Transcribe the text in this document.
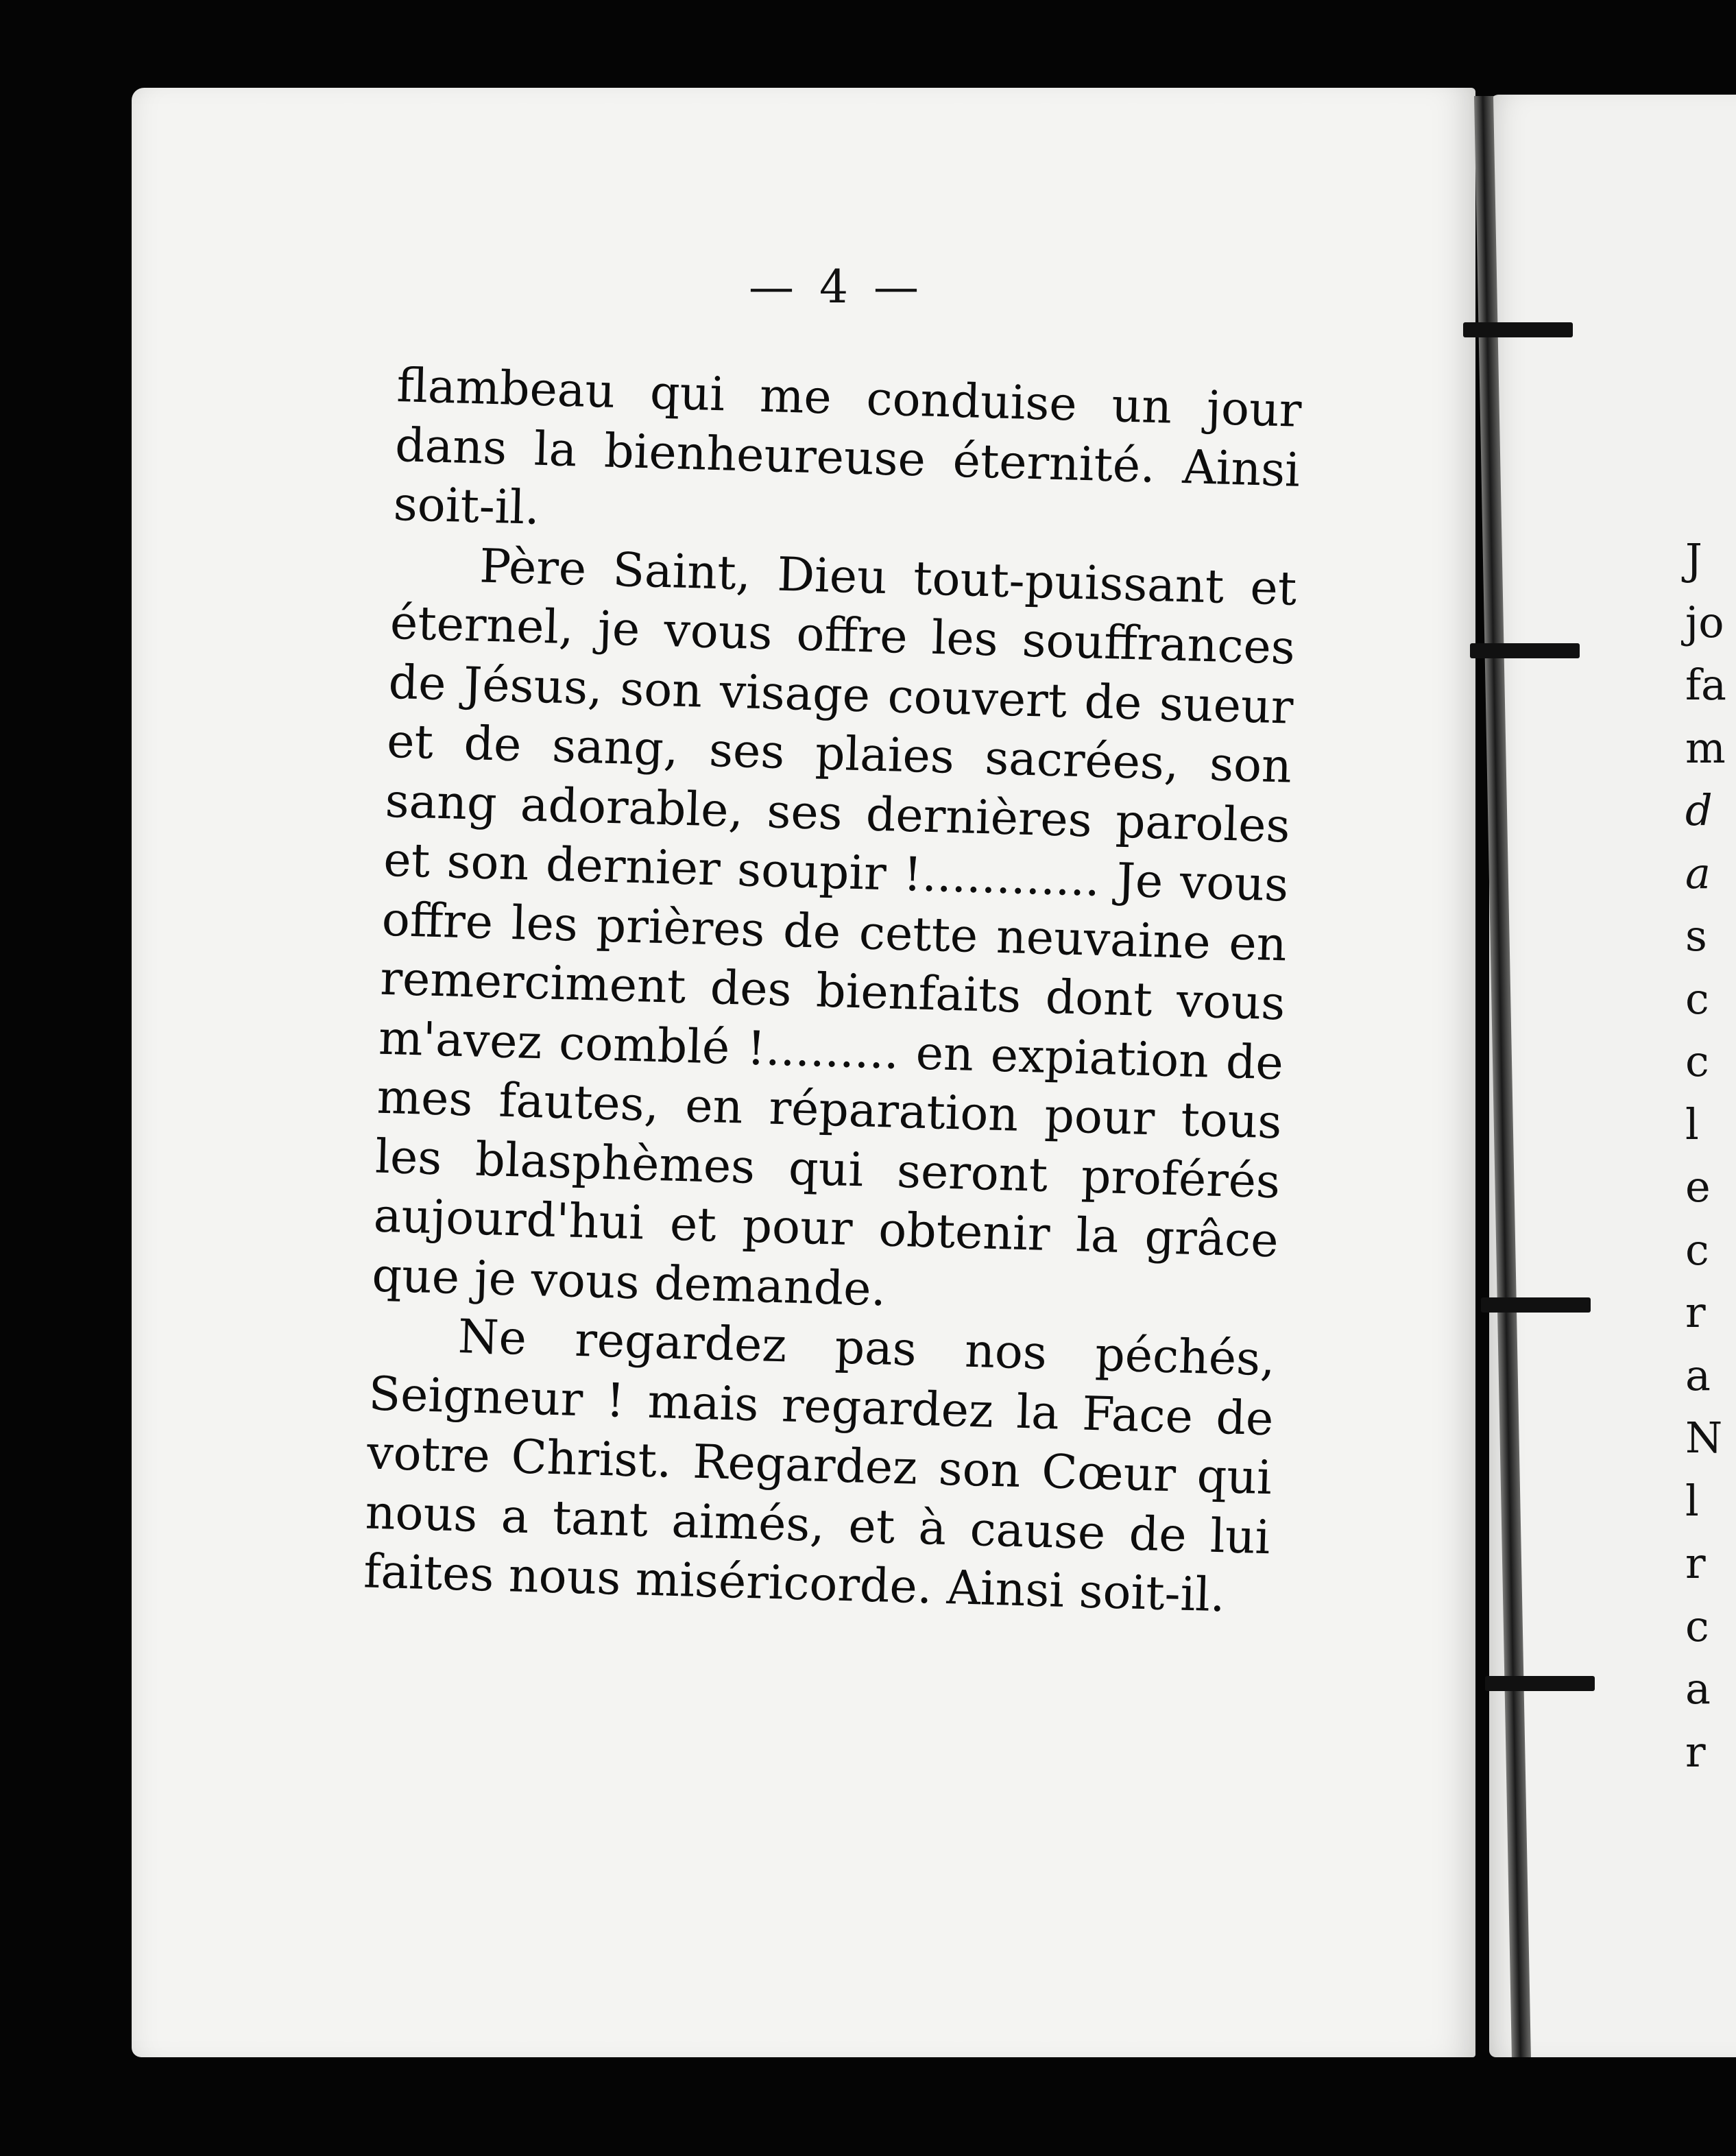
— 4 —

flambeau qui me conduise un jour dans la bienheureuse éternité. Ainsi soit-il.

Père Saint, Dieu tout-puissant et éternel, je vous offre les souffrances de Jésus, son visage couvert de sueur et de sang, ses plaies sacrées, son sang adorable, ses dernières paroles et son dernier soupir !............ Je vous offre les prières de cette neuvaine en remerciment des bienfaits dont vous m'avez comblé !......... en expiation de mes fautes, en réparation pour tous les blasphèmes qui seront proférés aujourd'hui et pour obtenir la grâce que je vous demande.

Ne regardez pas nos péchés, Seigneur ! mais regardez la Face de votre Christ. Regardez son Cœur qui nous a tant aimés, et à cause de lui faites nous miséricorde. Ainsi soit-il.

J
jo
fa
m
d
a
s
c
c
l
e
c
r
a
N
l
r
c
a
r
